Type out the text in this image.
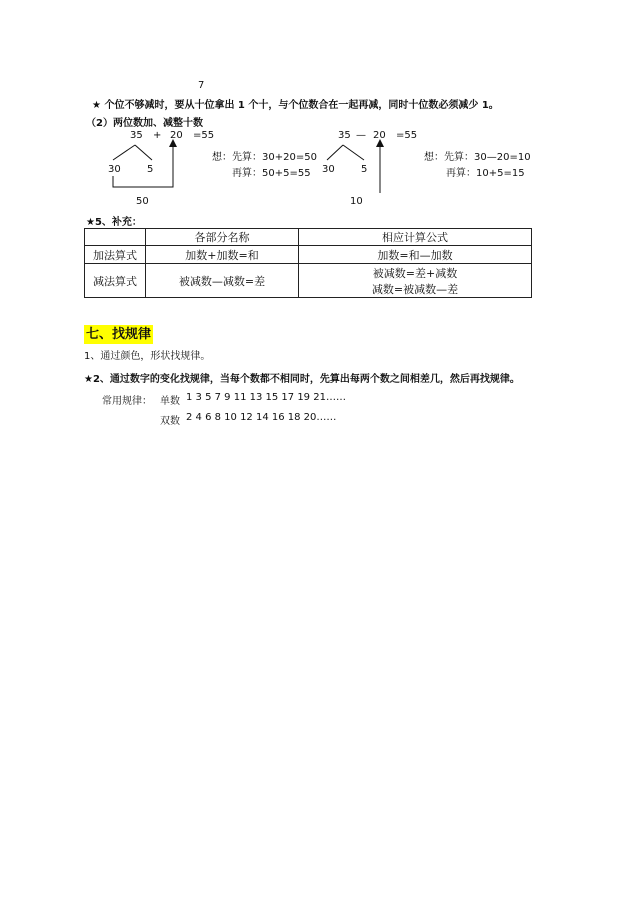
7
★ 个位不够减时，要从十位拿出 1 个十，与个位数合在一起再减，同时十位数必须减少 1。
（2）两位数加、减整十数
35 + 20 =55
30	5
50
想：先算：30+20=50
再算：50+5=55
35 — 20 =55
30	5
10
想：先算：30—20=10
再算：10+5=15
★5、补充：
	各部分名称	相应计算公式
加法算式	加数+加数=和	加数=和—加数
减法算式	被减数—减数=差	被减数=差+减数
减数=被减数—差
七、找规律
1、通过颜色，形状找规律。
★2、通过数字的变化找规律，当每个数都不相同时，先算出每两个数之间相差几，然后再找规律。
常用规律： 单数 1 3 5 7 9 11 13 15 17 19 21……
双数 2 4 6 8 10 12 14 16 18 20……
